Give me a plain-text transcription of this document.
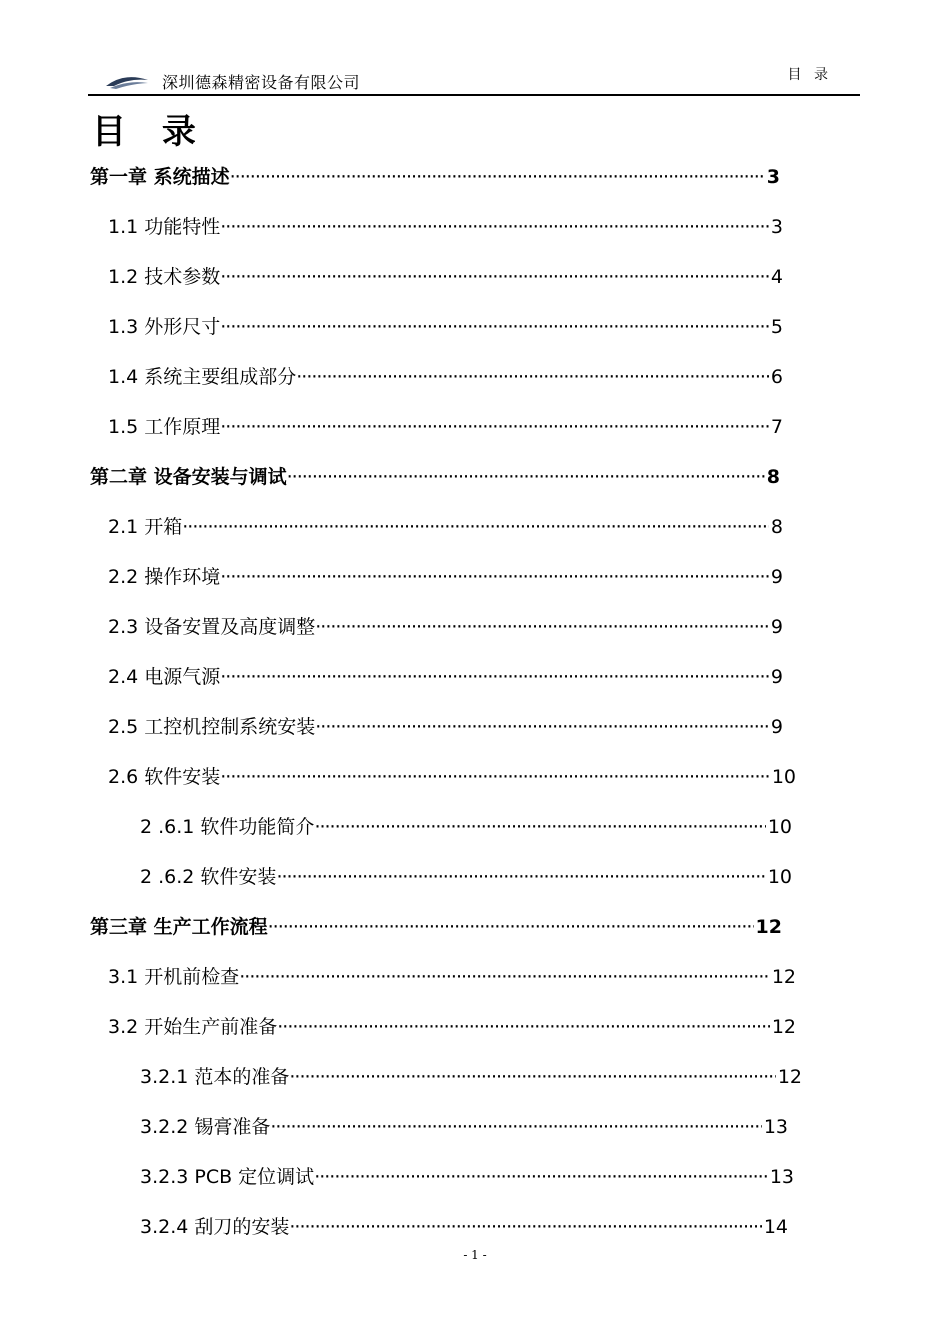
深圳德森精密设备有限公司	目 录
目 录
第一章 系统描述 ·····	3
1.1 功能特性 ·····	3
1.2 技术参数 ·····	4
1.3 外形尺寸 ·····	5
1.4 系统主要组成部分 ·····	6
1.5 工作原理 ·····	7
第二章 设备安装与调试 ·····	8
2.1 开箱 ·····	8
2.2 操作环境 ·····	9
2.3 设备安置及高度调整 ·····	9
2.4 电源气源 ·····	9
2.5 工控机控制系统安装 ·····	9
2.6 软件安装 ·····	10
2 .6.1 软件功能简介 ·····	10
2 .6.2 软件安装 ·····	10
第三章 生产工作流程 ·····	12
3.1 开机前检查 ·····	12
3.2 开始生产前准备 ·····	12
3.2.1 范本的准备 ·····	12
3.2.2 锡膏准备 ·····	13
3.2.3 PCB 定位调试 ·····	13
3.2.4 刮刀的安装 ·····	14
- 1 -
